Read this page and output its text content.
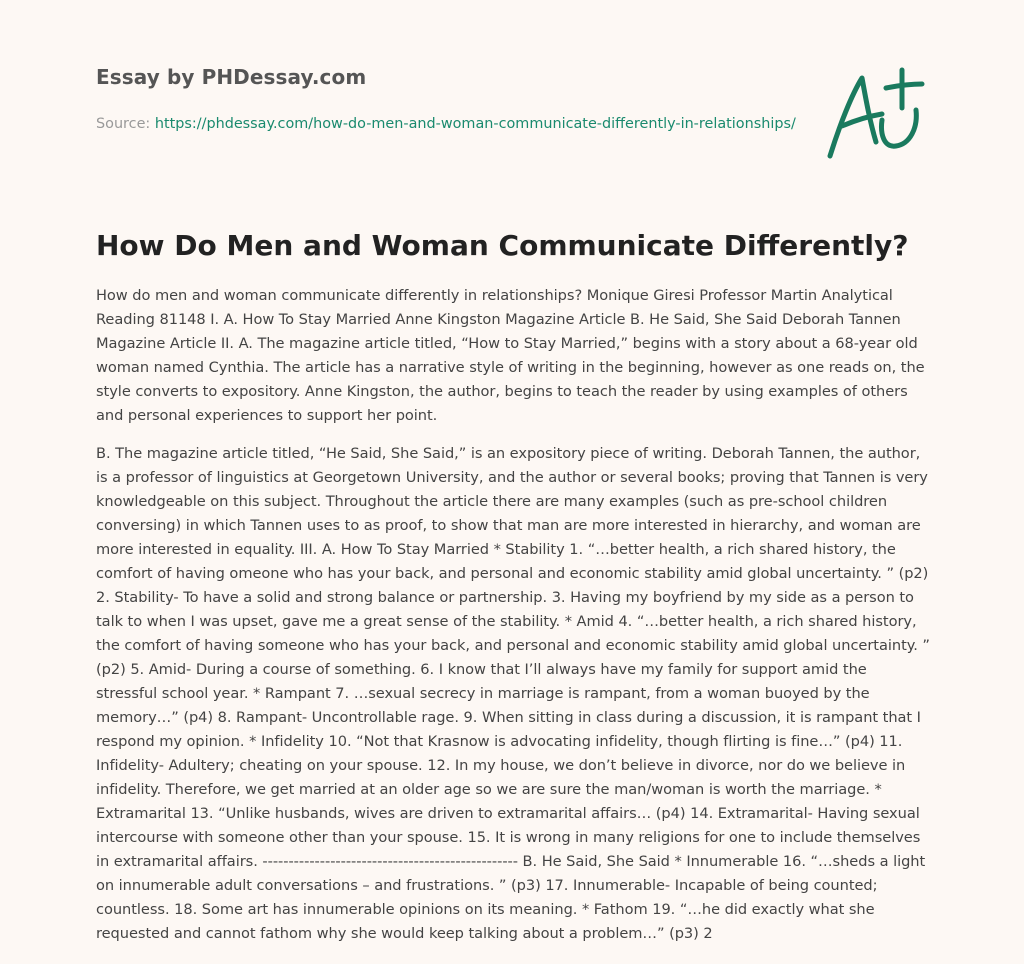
Essay by PHDessay.com
Source: https://phdessay.com/how-do-men-and-woman-communicate-differently-in-relationships/
How Do Men and Woman Communicate Differently?

How do men and woman communicate differently in relationships? Monique Giresi Professor Martin Analytical Reading 81148 I. A. How To Stay Married Anne Kingston Magazine Article B. He Said, She Said Deborah Tannen Magazine Article II. A. The magazine article titled, “How to Stay Married,” begins with a story about a 68-year old woman named Cynthia. The article has a narrative style of writing in the beginning, however as one reads on, the style converts to expository. Anne Kingston, the author, begins to teach the reader by using examples of others and personal experiences to support her point.

B. The magazine article titled, “He Said, She Said,” is an expository piece of writing. Deborah Tannen, the author, is a professor of linguistics at Georgetown University, and the author or several books; proving that Tannen is very knowledgeable on this subject. Throughout the article there are many examples (such as pre-school children conversing) in which Tannen uses to as proof, to show that man are more interested in hierarchy, and woman are more interested in equality. III. A. How To Stay Married * Stability 1. “…better health, a rich shared history, the comfort of having omeone who has your back, and personal and economic stability amid global uncertainty. ” (p2) 2. Stability- To have a solid and strong balance or partnership. 3. Having my boyfriend by my side as a person to talk to when I was upset, gave me a great sense of the stability. * Amid 4. “…better health, a rich shared history, the comfort of having someone who has your back, and personal and economic stability amid global uncertainty. ” (p2) 5. Amid- During a course of something. 6. I know that I’ll always have my family for support amid the stressful school year. * Rampant 7. …sexual secrecy in marriage is rampant, from a woman buoyed by the memory…” (p4) 8. Rampant- Uncontrollable rage. 9. When sitting in class during a discussion, it is rampant that I respond my opinion. * Infidelity 10. “Not that Krasnow is advocating infidelity, though flirting is fine…” (p4) 11. Infidelity- Adultery; cheating on your spouse. 12. In my house, we don’t believe in divorce, nor do we believe in infidelity. Therefore, we get married at an older age so we are sure the man/woman is worth the marriage. * Extramarital 13. “Unlike husbands, wives are driven to extramarital affairs… (p4) 14. Extramarital- Having sexual intercourse with someone other than your spouse. 15. It is wrong in many religions for one to include themselves in extramarital affairs. ------------------------------------------------- B. He Said, She Said * Innumerable 16. “…sheds a light on innumerable adult conversations – and frustrations. ” (p3) 17. Innumerable- Incapable of being counted; countless. 18. Some art has innumerable opinions on its meaning. * Fathom 19. “…he did exactly what she requested and cannot fathom why she would keep talking about a problem…” (p3) 2
